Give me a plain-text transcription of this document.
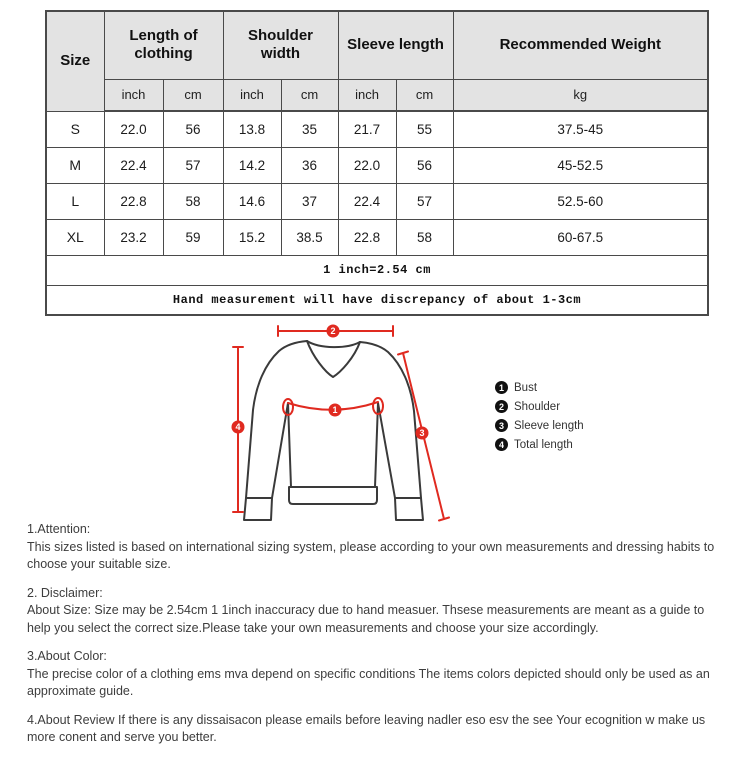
Size	Length of clothing		Shoulder width		Sleeve length		Recommended Weight
	inch	cm	inch	cm	inch	cm	kg
S	22.0	56	13.8	35	21.7	55	37.5-45
M	22.4	57	14.2	36	22.0	56	45-52.5
L	22.8	58	14.6	37	22.4	57	52.5-60
XL	23.2	59	15.2	38.5	22.8	58	60-67.5
1 inch=2.54 cm							
Hand measurement will have discrepancy of about 1-3cm							
2
1
3
4
1 Bust
2 Shoulder
3 Sleeve length
4 Total length
1.Attention:
This sizes listed is based on international sizing system, please according to your own measurements and dressing habits to choose your suitable size.
2. Disclaimer:
About Size: Size may be 2.54cm 1 1inch inaccuracy due to hand measuer. Thsese measurements are meant as a guide to help you select the correct size.Please take your own measurements and choose your size accordingly.
3.About Color:
The precise color of a clothing ems mva depend on specific conditions The items colors depicted should only be used as an approximate guide.
4.About Review If there is any dissaisacon please emails before leaving nadler eso esv the see Your ecognition w make us more conent and serve you better.
